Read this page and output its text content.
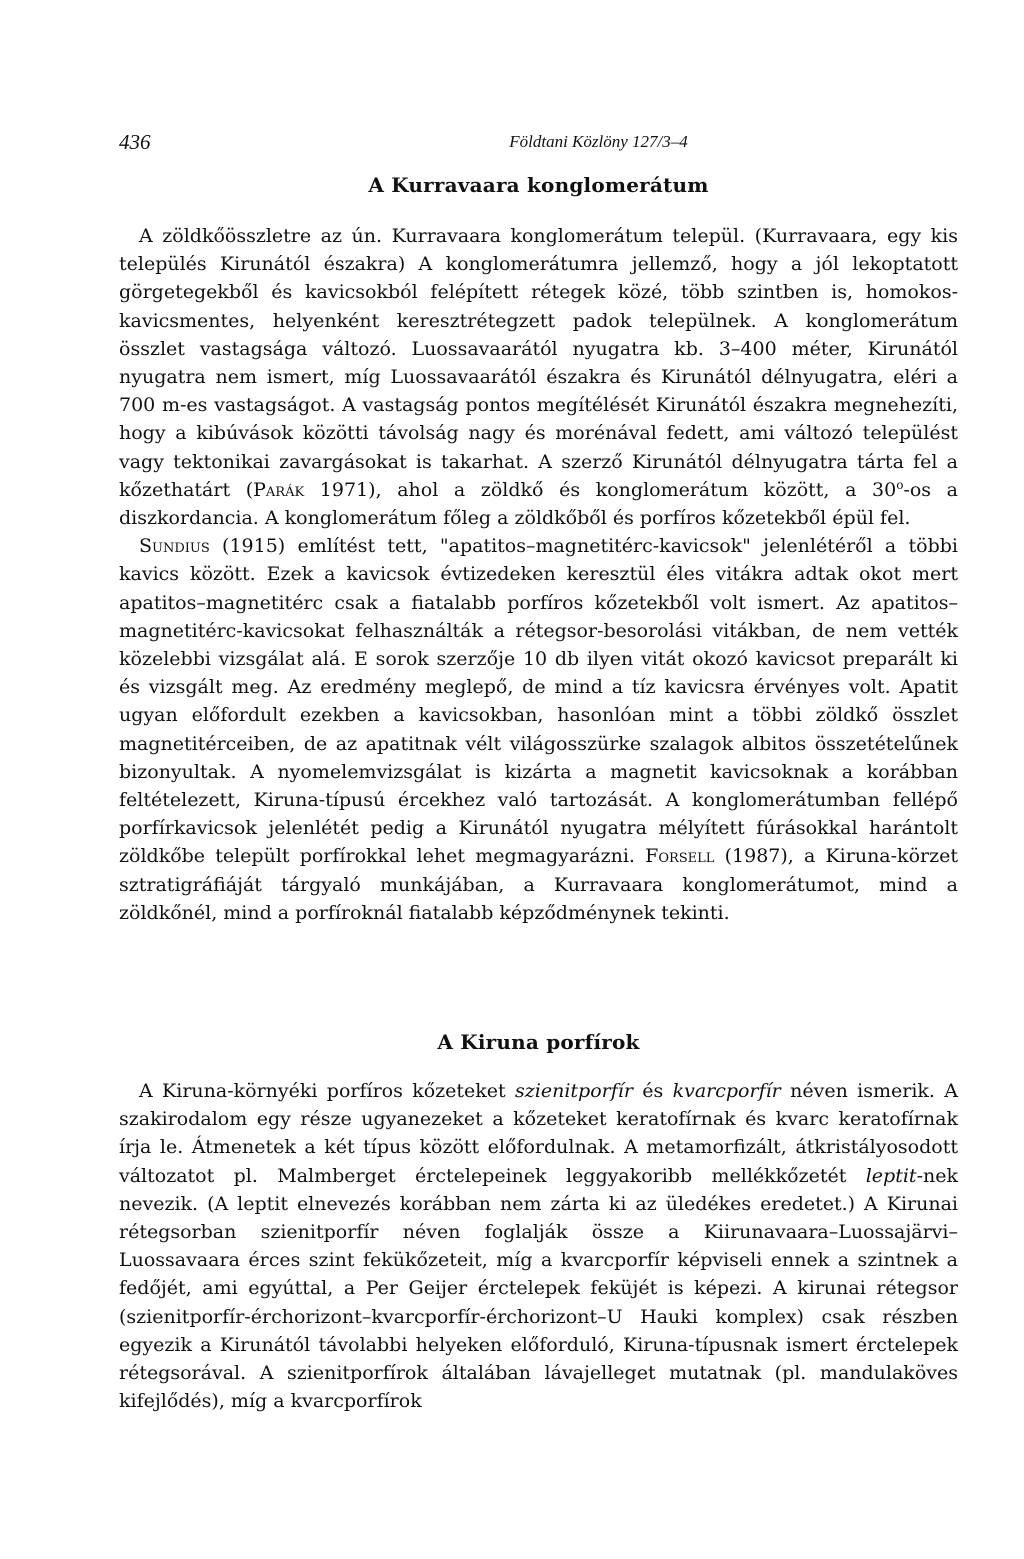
436	Földtani Közlöny 127/3–4
A Kurravaara konglomerátum

A zöldkőösszletre az ún. Kurravaara konglomerátum települ. (Kurravaara, egy kis település Kirunától északra) A konglomerátumra jellemző, hogy a jól lekoptatott görgetegekből és kavicsokból felépített rétegek közé, több szintben is, homokos-kavicsmentes, helyenként keresztrétegzett padok települnek. A konglomerátum összlet vastagsága változó. Luossavaarától nyugatra kb. 3–400 méter, Kirunától nyugatra nem ismert, míg Luossavaarától északra és Kirunától délnyugatra, eléri a 700 m-es vastagságot. A vastagság pontos megítélését Kirunától északra megnehezíti, hogy a kibúvások közötti távolság nagy és morénával fedett, ami változó települést vagy tektonikai zavargásokat is takarhat. A szerző Kirunától délnyugatra tárta fel a kőzethatárt (Parák 1971), ahol a zöldkő és konglomerátum között, a 30$^o$-os a diszkordancia. A konglomerátum főleg a zöldkőből és porfíros kőzetekből épül fel.

Sundius (1915) említést tett, "apatitos–magnetitérc-kavicsok" jelenlétéről a többi kavics között. Ezek a kavicsok évtizedeken keresztül éles vitákra adtak okot mert apatitos–magnetitérc csak a fiatalabb porfíros kőzetekből volt ismert. Az apatitos–magnetitérc-kavicsokat felhasználták a rétegsor-besorolási vitákban, de nem vették közelebbi vizsgálat alá. E sorok szerzője 10 db ilyen vitát okozó kavicsot preparált ki és vizsgált meg. Az eredmény meglepő, de mind a tíz kavicsra érvényes volt. Apatit ugyan előfordult ezekben a kavicsokban, hasonlóan mint a többi zöldkő összlet magnetitérceiben, de az apatitnak vélt világosszürke szalagok albitos összetételűnek bizonyultak. A nyomelemvizsgálat is kizárta a magnetit kavicsoknak a korábban feltételezett, Kiruna-típusú ércekhez való tartozását. A konglomerátumban fellépő porfírkavicsok jelenlétét pedig a Kirunától nyugatra mélyített fúrásokkal harántolt zöldkőbe települt porfírokkal lehet megmagyarázni. Forsell (1987), a Kiruna-körzet sztratigráfiáját tárgyaló munkájában, a Kurravaara konglomerátumot, mind a zöldkőnél, mind a porfíroknál fiatalabb képződménynek tekinti.

A Kiruna porfírok

A Kiruna-környéki porfíros kőzeteket szienitporfír és kvarcporfír néven ismerik. A szakirodalom egy része ugyanezeket a kőzeteket keratofírnak és kvarc keratofírnak írja le. Átmenetek a két típus között előfordulnak. A metamorfizált, átkristályosodott változatot pl. Malmberget érctelepeinek leggyakoribb mellékkőzetét leptit-nek nevezik. (A leptit elnevezés korábban nem zárta ki az üledékes eredetet.) A Kirunai rétegsorban szienitporfír néven foglalják össze a Kiirunavaara–Luossajärvi–Luossavaara érces szint fekükőzeteit, míg a kvarcporfír képviseli ennek a szintnek a fedőjét, ami egyúttal, a Per Geijer érctelepek feküjét is képezi. A kirunai rétegsor (szienitporfír-érchorizont–kvarcporfír-érchorizont–U Hauki komplex) csak részben egyezik a Kirunától távolabbi helyeken előforduló, Kiruna-típusnak ismert érctelepek rétegsorával. A szienitporfírok általában lávajelleget mutatnak (pl. mandulaköves kifejlődés), míg a kvarcporfírok
